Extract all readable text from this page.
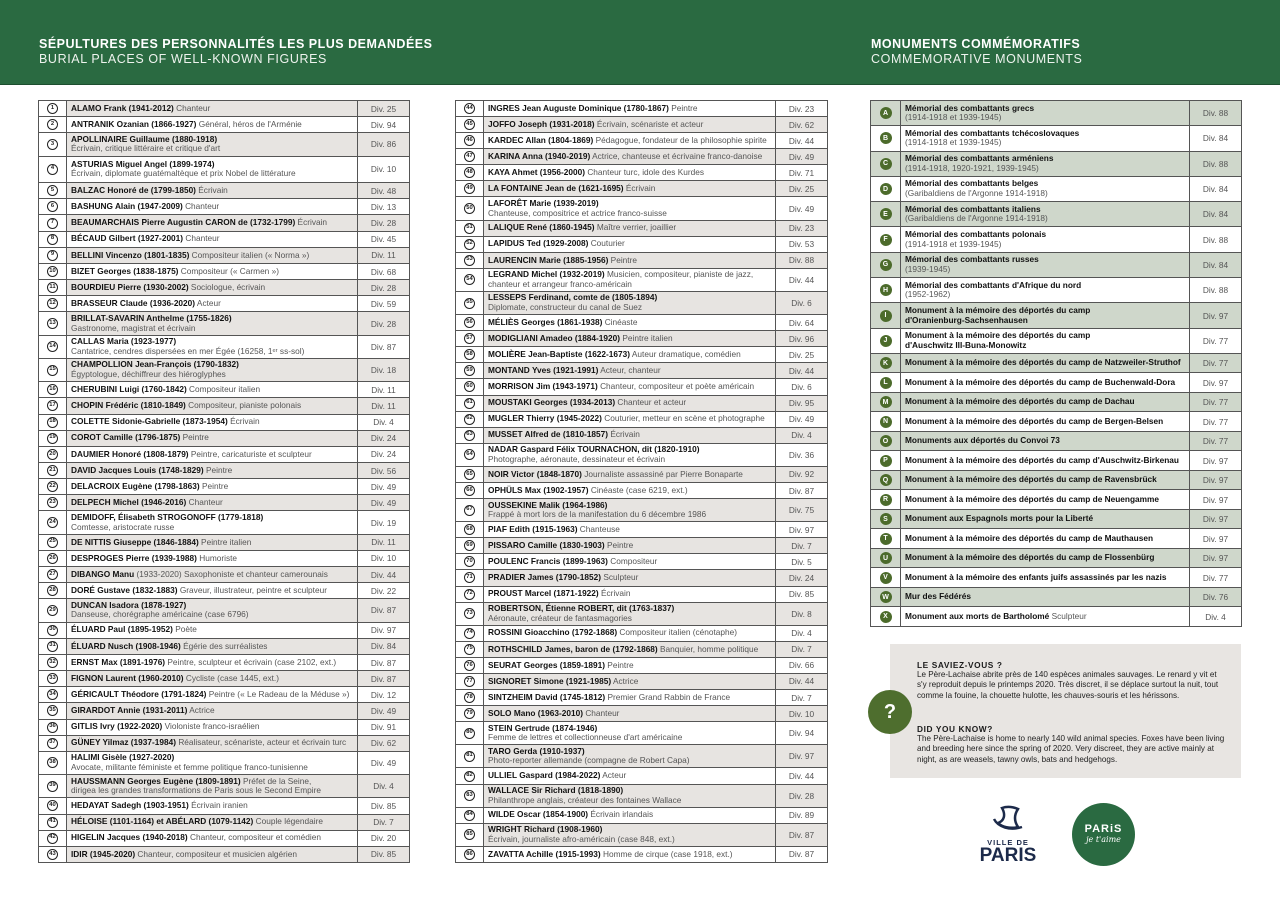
SÉPULTURES DES PERSONNALITÉS LES PLUS DEMANDÉES
BURIAL PLACES OF WELL-KNOWN FIGURES
MONUMENTS COMMÉMORATIFS
COMMEMORATIVE MONUMENTS
1	ALAMO Frank (1941-2012) Chanteur	Div. 25
2	ANTRANIK Ozanian (1866-1927) Général, héros de l'Arménie	Div. 94
3	APOLLINAIRE Guillaume (1880-1918)
Écrivain, critique littéraire et critique d'art	Div. 86
4	ASTURIAS Miguel Angel (1899-1974)
Écrivain, diplomate guatémaltèque et prix Nobel de littérature	Div. 10
5	BALZAC Honoré de (1799-1850) Écrivain	Div. 48
6	BASHUNG Alain (1947-2009) Chanteur	Div. 13
7	BEAUMARCHAIS Pierre Augustin CARON de (1732-1799) Écrivain	Div. 28
8	BÉCAUD Gilbert (1927-2001) Chanteur	Div. 45
9	BELLINI Vincenzo (1801-1835) Compositeur italien (« Norma »)	Div. 11
10 BIZET Georges (1838-1875) Compositeur (« Carmen »)	Div. 68
11 BOURDIEU Pierre (1930-2002) Sociologue, écrivain	Div. 28
12 BRASSEUR Claude (1936-2020) Acteur	Div. 59
13 BRILLAT-SAVARIN Anthelme (1755-1826)
Gastronome, magistrat et écrivain	Div. 28
14 CALLAS Maria (1923-1977)
Cantatrice, cendres dispersées en mer Égée (16258, 1ᵉʳ ss-sol)	Div. 87
15 CHAMPOLLION Jean-François (1790-1832)
Égyptologue, déchiffreur des hiéroglyphes	Div. 18
16 CHERUBINI Luigi (1760-1842) Compositeur italien	Div. 11
17 CHOPIN Frédéric (1810-1849) Compositeur, pianiste polonais	Div. 11
18 COLETTE Sidonie-Gabrielle (1873-1954) Écrivain	Div. 4
19 COROT Camille (1796-1875) Peintre	Div. 24
20 DAUMIER Honoré (1808-1879) Peintre, caricaturiste et sculpteur	Div. 24
21 DAVID Jacques Louis (1748-1829) Peintre	Div. 56
22 DELACROIX Eugène (1798-1863) Peintre	Div. 49
23 DELPECH Michel (1946-2016) Chanteur	Div. 49
24 DEMIDOFF, Élisabeth STROGONOFF (1779-1818)
Comtesse, aristocrate russe	Div. 19
25 DE NITTIS Giuseppe (1846-1884) Peintre italien	Div. 11
26 DESPROGES Pierre (1939-1988) Humoriste	Div. 10
27 DIBANGO Manu (1933-2020) Saxophoniste et chanteur camerounais	Div. 44
28 DORÉ Gustave (1832-1883) Graveur, illustrateur, peintre et sculpteur	Div. 22
29 DUNCAN Isadora (1878-1927)
Danseuse, chorégraphe américaine (case 6796)	Div. 87
30 ÉLUARD Paul (1895-1952) Poète	Div. 97
31 ÉLUARD Nusch (1908-1946) Égérie des surréalistes	Div. 84
32 ERNST Max (1891-1976) Peintre, sculpteur et écrivain (case 2102, ext.)	Div. 87
33 FIGNON Laurent (1960-2010) Cycliste (case 1445, ext.)	Div. 87
34 GÉRICAULT Théodore (1791-1824) Peintre (« Le Radeau de la Méduse »)	Div. 12
35 GIRARDOT Annie (1931-2011) Actrice	Div. 49
36 GITLIS Ivry (1922-2020) Violoniste franco-israélien	Div. 91
37 GÜNEY Yilmaz (1937-1984) Réalisateur, scénariste, acteur et écrivain turc	Div. 62
38 HALIMI Gisèle (1927-2020)
Avocate, militante féministe et femme politique franco-tunisienne	Div. 49
39 HAUSSMANN Georges Eugène (1809-1891) Préfet de la Seine,
dirigea les grandes transformations de Paris sous le Second Empire	Div. 4
40 HEDAYAT Sadegh (1903-1951) Écrivain iranien	Div. 85
41 HÉLOISE (1101-1164) et ABÉLARD (1079-1142) Couple légendaire	Div. 7
42 HIGELIN Jacques (1940-2018) Chanteur, compositeur et comédien	Div. 20
43 IDIR (1945-2020) Chanteur, compositeur et musicien algérien	Div. 85
44 INGRES Jean Auguste Dominique (1780-1867) Peintre	Div. 23
45 JOFFO Joseph (1931-2018) Écrivain, scénariste et acteur	Div. 62
46 KARDEC Allan (1804-1869) Pédagogue, fondateur de la philosophie spirite	Div. 44
47 KARINA Anna (1940-2019) Actrice, chanteuse et écrivaine franco-danoise	Div. 49
48 KAYA Ahmet (1956-2000) Chanteur turc, idole des Kurdes	Div. 71
49 LA FONTAINE Jean de (1621-1695) Écrivain	Div. 25
50 LAFORÊT Marie (1939-2019)
Chanteuse, compositrice et actrice franco-suisse	Div. 49
51 LALIQUE René (1860-1945) Maître verrier, joaillier	Div. 23
52 LAPIDUS Ted (1929-2008) Couturier	Div. 53
53 LAURENCIN Marie (1885-1956) Peintre	Div. 88
54 LEGRAND Michel (1932-2019) Musicien, compositeur, pianiste de jazz,
chanteur et arrangeur franco-américain	Div. 44
55 LESSEPS Ferdinand, comte de (1805-1894)
Diplomate, constructeur du canal de Suez	Div. 6
56 MÉLIÈS Georges (1861-1938) Cinéaste	Div. 64
57 MODIGLIANI Amadeo (1884-1920) Peintre italien	Div. 96
58 MOLIÈRE Jean-Baptiste (1622-1673) Auteur dramatique, comédien	Div. 25
59 MONTAND Yves (1921-1991) Acteur, chanteur	Div. 44
60 MORRISON Jim (1943-1971) Chanteur, compositeur et poète américain	Div. 6
61 MOUSTAKI Georges (1934-2013) Chanteur et acteur	Div. 95
62 MUGLER Thierry (1945-2022) Couturier, metteur en scène et photographe	Div. 49
63 MUSSET Alfred de (1810-1857) Écrivain	Div. 4
64 NADAR Gaspard Félix TOURNACHON, dit (1820-1910)
Photographe, aéronaute, dessinateur et écrivain	Div. 36
65 NOIR Victor (1848-1870) Journaliste assassiné par Pierre Bonaparte	Div. 92
66 OPHÜLS Max (1902-1957) Cinéaste (case 6219, ext.)	Div. 87
67 OUSSEKINE Malik (1964-1986)
Frappé à mort lors de la manifestation du 6 décembre 1986	Div. 75
68 PIAF Edith (1915-1963) Chanteuse	Div. 97
69 PISSARO Camille (1830-1903) Peintre	Div. 7
70 POULENC Francis (1899-1963) Compositeur	Div. 5
71 PRADIER James (1790-1852) Sculpteur	Div. 24
72 PROUST Marcel (1871-1922) Écrivain	Div. 85
73 ROBERTSON, Étienne ROBERT, dit (1763-1837)
Aéronaute, créateur de fantasmagories	Div. 8
74 ROSSINI Gioacchino (1792-1868) Compositeur italien (cénotaphe)	Div. 4
75 ROTHSCHILD James, baron de (1792-1868) Banquier, homme politique	Div. 7
76 SEURAT Georges (1859-1891) Peintre	Div. 66
77 SIGNORET Simone (1921-1985) Actrice	Div. 44
78 SINTZHEIM David (1745-1812) Premier Grand Rabbin de France	Div. 7
79 SOLO Mano (1963-2010) Chanteur	Div. 10
80 STEIN Gertrude (1874-1946)
Femme de lettres et collectionneuse d'art américaine	Div. 94
81 TARO Gerda (1910-1937)
Photo-reporter allemande (compagne de Robert Capa)	Div. 97
82 ULLIEL Gaspard (1984-2022) Acteur	Div. 44
83 WALLACE Sir Richard (1818-1890)
Philanthrope anglais, créateur des fontaines Wallace	Div. 28
84 WILDE Oscar (1854-1900) Écrivain irlandais	Div. 89
85 WRIGHT Richard (1908-1960)
Écrivain, journaliste afro-américain (case 848, ext.)	Div. 87
86 ZAVATTA Achille (1915-1993) Homme de cirque (case 1918, ext.)	Div. 87
A
Mémorial des combattants grecs
(1914-1918 et 1939-1945)	Div. 88
B
Mémorial des combattants tchécoslovaques
(1914-1918 et 1939-1945)	Div. 84
C
Mémorial des combattants arméniens
(1914-1918, 1920-1921, 1939-1945)	Div. 88
D
Mémorial des combattants belges
(Garibaldiens de l'Argonne 1914-1918)	Div. 84
E
Mémorial des combattants italiens
(Garibaldiens de l'Argonne 1914-1918)	Div. 84
F
Mémorial des combattants polonais
(1914-1918 et 1939-1945)	Div. 88
G
Mémorial des combattants russes
(1939-1945)	Div. 84
H
Mémorial des combattants d'Afrique du nord
(1952-1962)	Div. 88
I
Monument à la mémoire des déportés du camp
d'Oranienburg-Sachsenhausen	Div. 97
J
Monument à la mémoire des déportés du camp
d'Auschwitz III-Buna-Monowitz	Div. 77
K	Monument à la mémoire des déportés du camp de Natzweiler-Struthof	Div. 77
L	Monument à la mémoire des déportés du camp de Buchenwald-Dora	Div. 97
M	Monument à la mémoire des déportés du camp de Dachau	Div. 77
N	Monument à la mémoire des déportés du camp de Bergen-Belsen	Div. 77
O	Monuments aux déportés du Convoi 73	Div. 77
P	Monument à la mémoire des déportés du camp d'Auschwitz-Birkenau	Div. 97
Q	Monument à la mémoire des déportés du camp de Ravensbrück	Div. 97
R	Monument à la mémoire des déportés du camp de Neuengamme	Div. 97
S	Monument aux Espagnols morts pour la Liberté	Div. 97
T	Monument à la mémoire des déportés du camp de Mauthausen	Div. 97
U	Monument à la mémoire des déportés du camp de Flossenbürg	Div. 97
V	Monument à la mémoire des enfants juifs assassinés par les nazis	Div. 77
W	Mur des Fédérés	Div. 76
X	Monument aux morts de Bartholomé Sculpteur	Div. 4
LE SAVIEZ-VOUS ?
Le Père-Lachaise abrite près de 140 espèces animales sauvages. Le renard y vit et s'y reproduit depuis le printemps 2020. Très discret, il se déplace surtout la nuit, tout comme la fouine, la chouette hulotte, les chauves-souris et les hérissons.
DID YOU KNOW?
The Père-Lachaise is home to nearly 140 wild animal species. Foxes have been living and breeding here since the spring of 2020. Very discreet, they are active mainly at night, as are weasels, tawny owls, bats and hedgehogs.
?
VILLE DE
PARIS
PARiS
je t'aime
